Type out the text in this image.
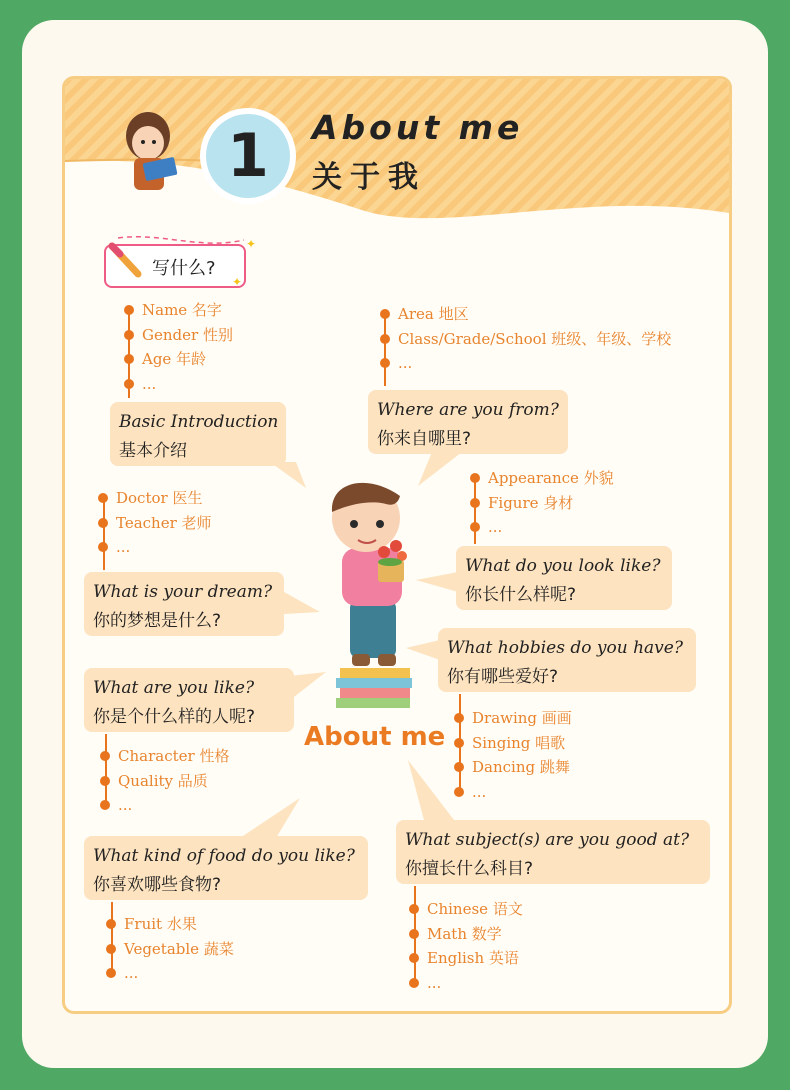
1	About me
关于我
✦
✦
写什么?
About me
Basic Introduction
基本介绍
Where are you from?
你来自哪里?
What do you look like?
你长什么样呢?
What is your dream?
你的梦想是什么?
What hobbies do you have?
你有哪些爱好?
What are you like?
你是个什么样的人呢?
What kind of food do you like?
你喜欢哪些食物?
What subject(s) are you good at?
你擅长什么科目?
Name 名字
Gender 性别
Age 年龄
...
Area 地区
Class/Grade/School 班级、年级、学校
...
Appearance 外貌
Figure 身材
...
Doctor 医生
Teacher 老师
...
Drawing 画画
Singing 唱歌
Dancing 跳舞
...
Character 性格
Quality 品质
...
Fruit 水果
Vegetable 蔬菜
...
Chinese 语文
Math 数学
English 英语
...
